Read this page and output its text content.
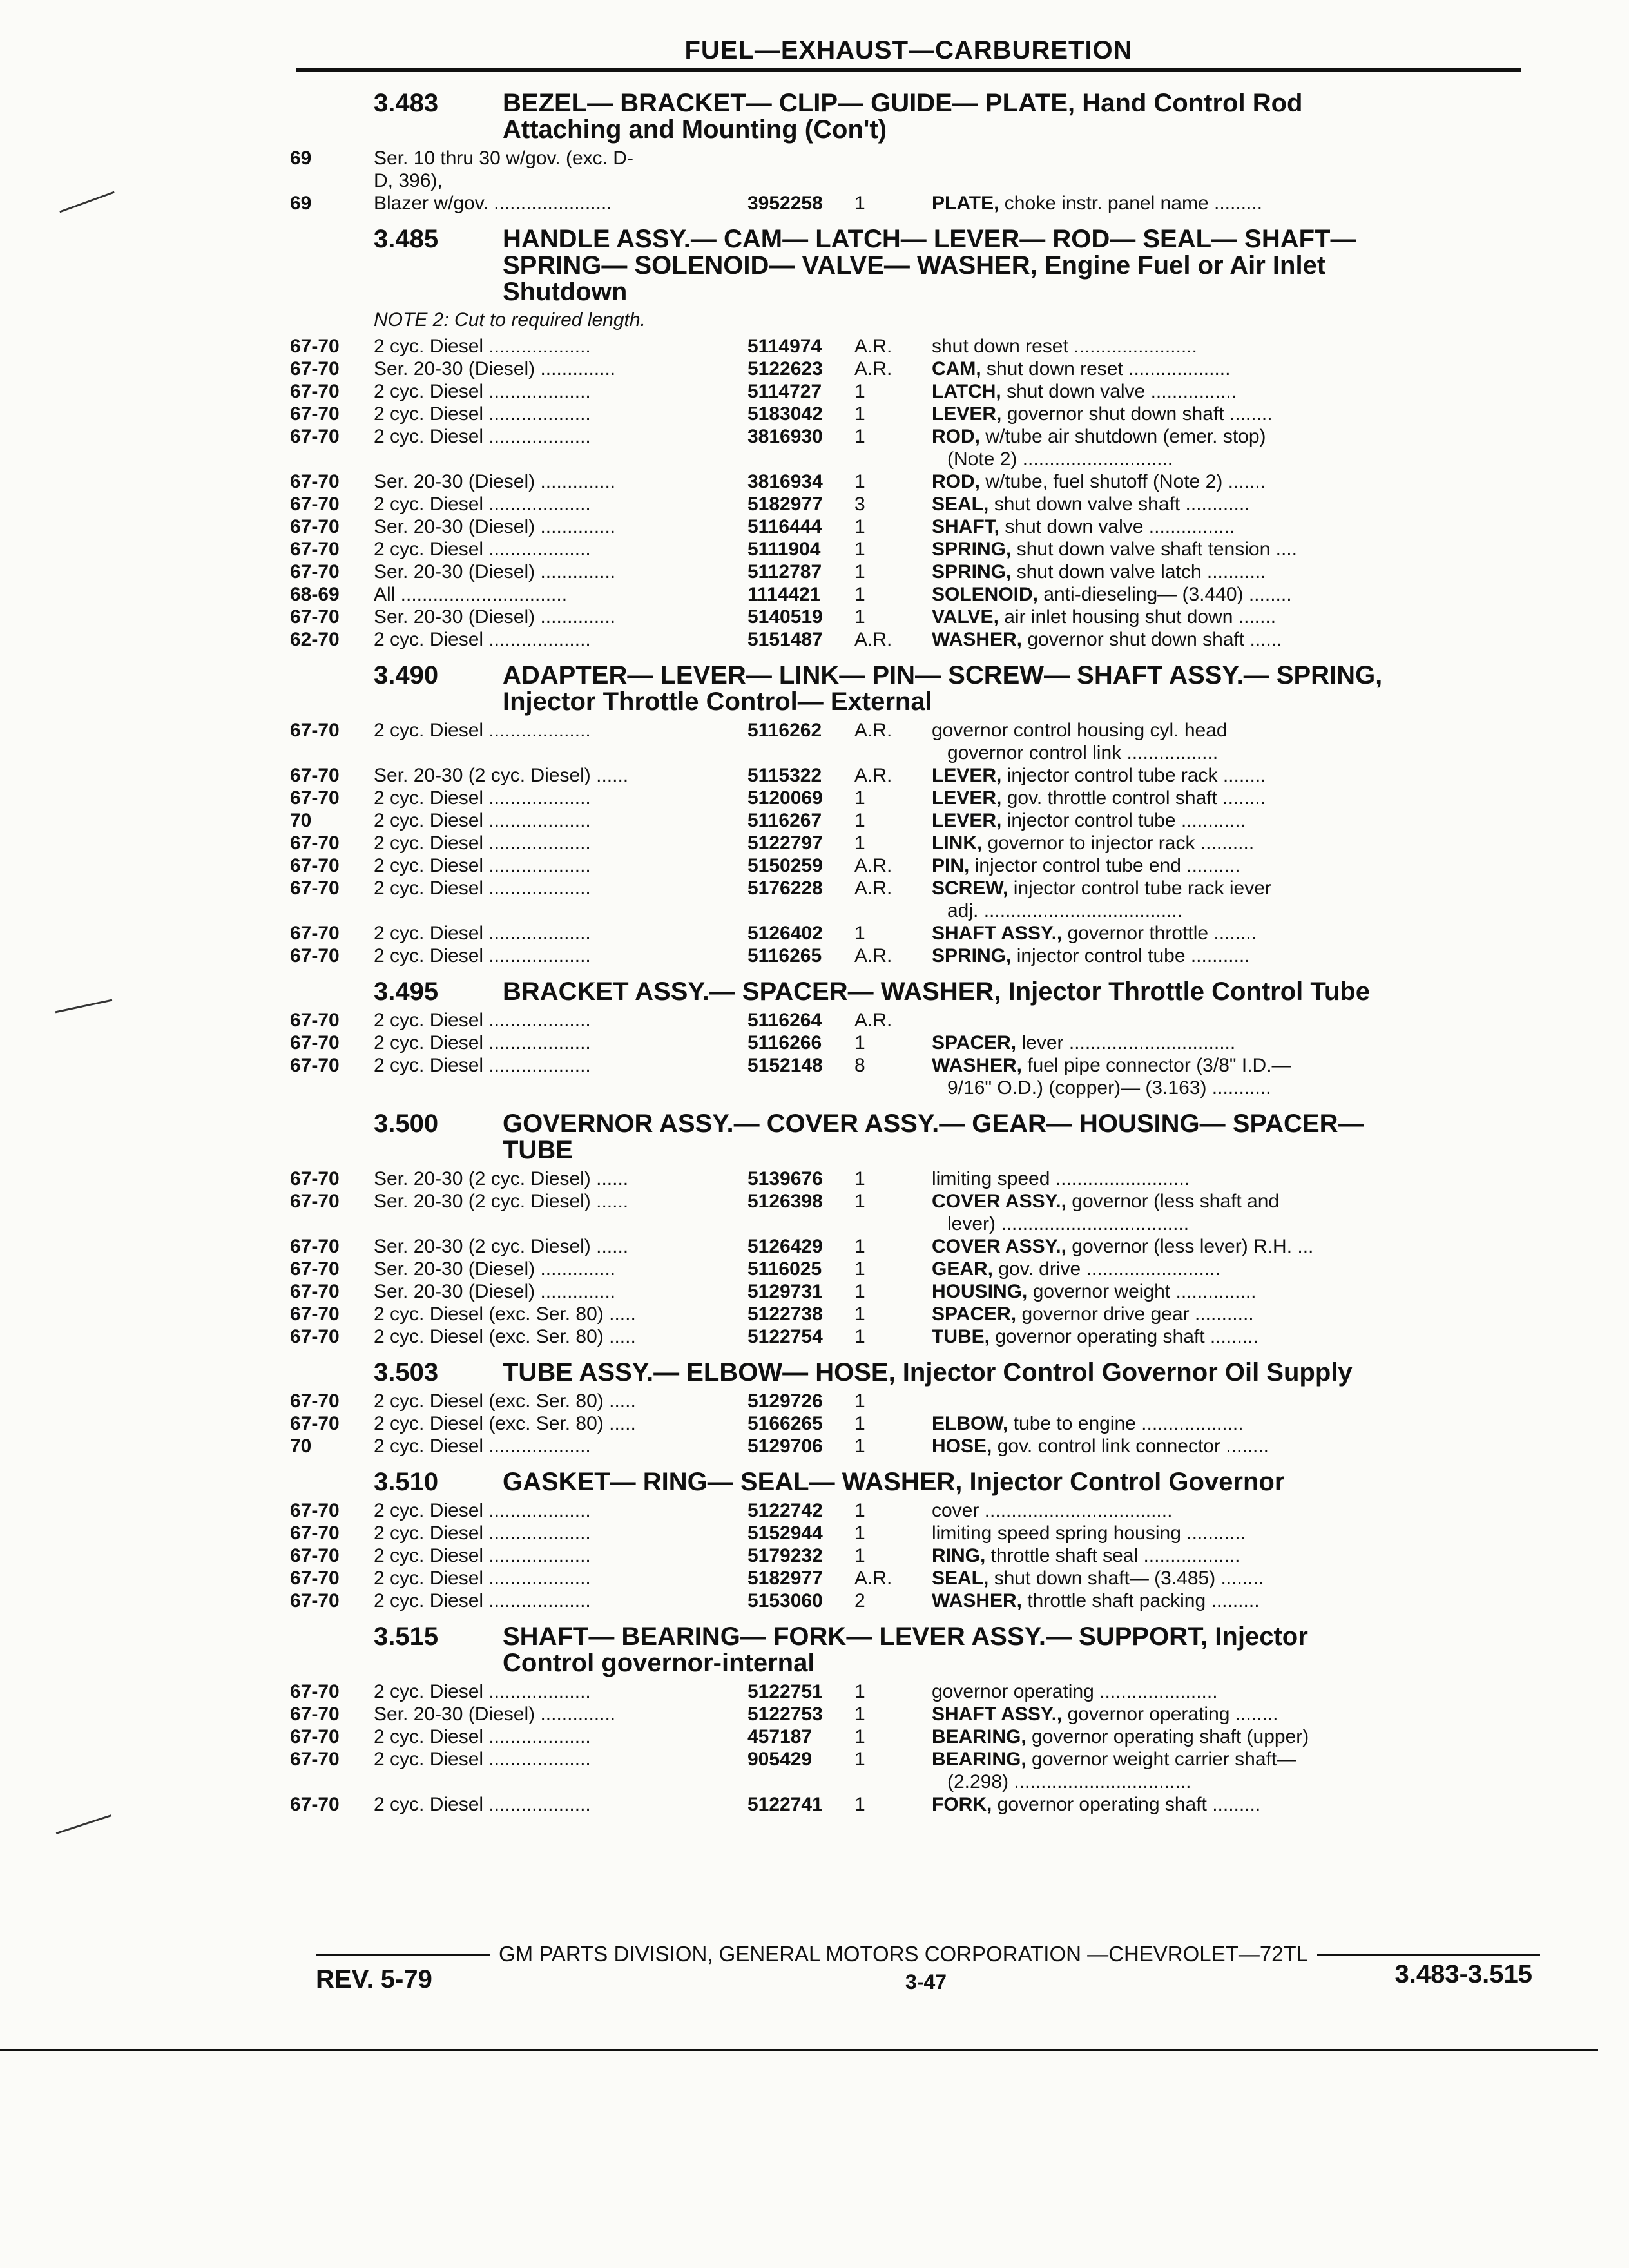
FUEL—EXHAUST—CARBURETION
3.483	BEZEL— BRACKET— CLIP— GUIDE— PLATE, Hand Control Rod
Attaching and Mounting (Con't)
69	Ser. 10 thru 30 w/gov. (exc. D-
D, 396),
69	Blazer w/gov. ......................	3952258	1	PLATE, choke instr. panel name .........
3.485	HANDLE ASSY.— CAM— LATCH— LEVER— ROD— SEAL— SHAFT—
SPRING— SOLENOID— VALVE— WASHER, Engine Fuel or Air Inlet
Shutdown
NOTE 2: Cut to required length.
67-70	2 cyc. Diesel ...................	5114974	A.R.	shut down reset .......................
67-70	Ser. 20-30 (Diesel) ..............	5122623	A.R.	CAM, shut down reset ...................
67-70	2 cyc. Diesel ...................	5114727	1	LATCH, shut down valve ................
67-70	2 cyc. Diesel ...................	5183042	1	LEVER, governor shut down shaft ........
67-70	2 cyc. Diesel ...................	3816930	1	ROD, w/tube air shutdown (emer. stop)
(Note 2) ............................
67-70	Ser. 20-30 (Diesel) ..............	3816934	1	ROD, w/tube, fuel shutoff (Note 2) .......
67-70	2 cyc. Diesel ...................	5182977	3	SEAL, shut down valve shaft ............
67-70	Ser. 20-30 (Diesel) ..............	5116444	1	SHAFT, shut down valve ................
67-70	2 cyc. Diesel ...................	5111904	1	SPRING, shut down valve shaft tension ....
67-70	Ser. 20-30 (Diesel) ..............	5112787	1	SPRING, shut down valve latch ...........
68-69	All ...............................	1114421	1	SOLENOID, anti-dieseling— (3.440) ........
67-70	Ser. 20-30 (Diesel) ..............	5140519	1	VALVE, air inlet housing shut down .......
62-70	2 cyc. Diesel ...................	5151487	A.R.	WASHER, governor shut down shaft ......
3.490	ADAPTER— LEVER— LINK— PIN— SCREW— SHAFT ASSY.— SPRING,
Injector Throttle Control— External
67-70	2 cyc. Diesel ...................	5116262	A.R.	governor control housing cyl. head
governor control link .................
67-70	Ser. 20-30 (2 cyc. Diesel) ......	5115322	A.R.	LEVER, injector control tube rack ........
67-70	2 cyc. Diesel ...................	5120069	1	LEVER, gov. throttle control shaft ........
70	2 cyc. Diesel ...................	5116267	1	LEVER, injector control tube ............
67-70	2 cyc. Diesel ...................	5122797	1	LINK, governor to injector rack ..........
67-70	2 cyc. Diesel ...................	5150259	A.R.	PIN, injector control tube end ..........
67-70	2 cyc. Diesel ...................	5176228	A.R.	SCREW, injector control tube rack iever
adj. .....................................
67-70	2 cyc. Diesel ...................	5126402	1	SHAFT ASSY., governor throttle ........
67-70	2 cyc. Diesel ...................	5116265	A.R.	SPRING, injector control tube ...........
3.495	BRACKET ASSY.— SPACER— WASHER, Injector Throttle Control Tube
67-70	2 cyc. Diesel ...................	5116264	A.R.
67-70	2 cyc. Diesel ...................	5116266	1	SPACER, lever ...............................
67-70	2 cyc. Diesel ...................	5152148	8	WASHER, fuel pipe connector (3/8" I.D.—
9/16" O.D.) (copper)— (3.163) ...........
3.500	GOVERNOR ASSY.— COVER ASSY.— GEAR— HOUSING— SPACER—
TUBE
67-70	Ser. 20-30 (2 cyc. Diesel) ......	5139676	1	limiting speed .........................
67-70	Ser. 20-30 (2 cyc. Diesel) ......	5126398	1	COVER ASSY., governor (less shaft and
lever) ...................................
67-70	Ser. 20-30 (2 cyc. Diesel) ......	5126429	1	COVER ASSY., governor (less lever) R.H. ...
67-70	Ser. 20-30 (Diesel) ..............	5116025	1	GEAR, gov. drive .........................
67-70	Ser. 20-30 (Diesel) ..............	5129731	1	HOUSING, governor weight ...............
67-70	2 cyc. Diesel (exc. Ser. 80) .....	5122738	1	SPACER, governor drive gear ...........
67-70	2 cyc. Diesel (exc. Ser. 80) .....	5122754	1	TUBE, governor operating shaft .........
3.503	TUBE ASSY.— ELBOW— HOSE, Injector Control Governor Oil Supply
67-70	2 cyc. Diesel (exc. Ser. 80) .....	5129726	1
67-70	2 cyc. Diesel (exc. Ser. 80) .....	5166265	1	ELBOW, tube to engine ...................
70	2 cyc. Diesel ...................	5129706	1	HOSE, gov. control link connector ........
3.510	GASKET— RING— SEAL— WASHER, Injector Control Governor
67-70	2 cyc. Diesel ...................	5122742	1	cover ...................................
67-70	2 cyc. Diesel ...................	5152944	1	limiting speed spring housing ...........
67-70	2 cyc. Diesel ...................	5179232	1	RING, throttle shaft seal ..................
67-70	2 cyc. Diesel ...................	5182977	A.R.	SEAL, shut down shaft— (3.485) ........
67-70	2 cyc. Diesel ...................	5153060	2	WASHER, throttle shaft packing .........
3.515	SHAFT— BEARING— FORK— LEVER ASSY.— SUPPORT, Injector
Control governor-internal
67-70	2 cyc. Diesel ...................	5122751	1	governor operating ......................
67-70	Ser. 20-30 (Diesel) ..............	5122753	1	SHAFT ASSY., governor operating ........
67-70	2 cyc. Diesel ...................	457187	1	BEARING, governor operating shaft (upper)
67-70	2 cyc. Diesel ...................	905429	1	BEARING, governor weight carrier shaft—
(2.298) .................................
67-70	2 cyc. Diesel ...................	5122741	1	FORK, governor operating shaft .........
GM PARTS DIVISION, GENERAL MOTORS CORPORATION —CHEVROLET—72TL
REV. 5-79	3-47	3.483-3.515
